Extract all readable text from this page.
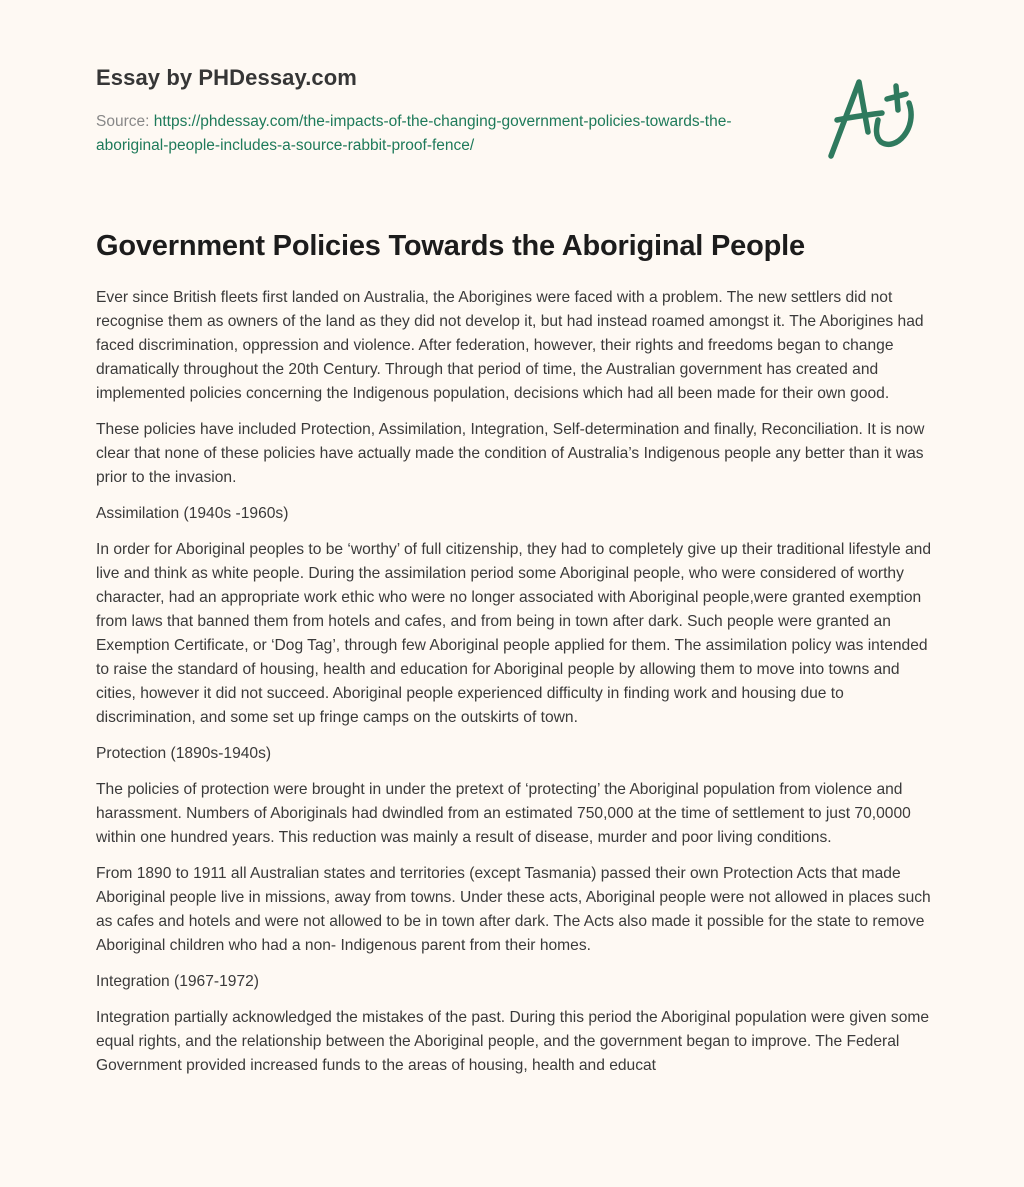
Essay by PHDessay.com
Source: https://phdessay.com/the-impacts-of-the-changing-government-policies-towards-the-aboriginal-people-includes-a-source-rabbit-proof-fence/
Government Policies Towards the Aboriginal People

Ever since British fleets first landed on Australia, the Aborigines were faced with a problem. The new settlers did not recognise them as owners of the land as they did not develop it, but had instead roamed amongst it. The Aborigines had faced discrimination, oppression and violence. After federation, however, their rights and freedoms began to change dramatically throughout the 20th Century. Through that period of time, the Australian government has created and implemented policies concerning the Indigenous population, decisions which had all been made for their own good.

These policies have included Protection, Assimilation, Integration, Self-determination and finally, Reconciliation. It is now clear that none of these policies have actually made the condition of Australia’s Indigenous people any better than it was prior to the invasion.

Assimilation (1940s -1960s)

In order for Aboriginal peoples to be ‘worthy’ of full citizenship, they had to completely give up their traditional lifestyle and live and think as white people. During the assimilation period some Aboriginal people, who were considered of worthy character, had an appropriate work ethic who were no longer associated with Aboriginal people,were granted exemption from laws that banned them from hotels and cafes, and from being in town after dark. Such people were granted an Exemption Certificate, or ‘Dog Tag’, through few Aboriginal people applied for them. The assimilation policy was intended to raise the standard of housing, health and education for Aboriginal people by allowing them to move into towns and cities, however it did not succeed. Aboriginal people experienced difficulty in finding work and housing due to discrimination, and some set up fringe camps on the outskirts of town.

Protection (1890s-1940s)

The policies of protection were brought in under the pretext of ‘protecting’ the Aboriginal population from violence and harassment. Numbers of Aboriginals had dwindled from an estimated 750,000 at the time of settlement to just 70,0000 within one hundred years. This reduction was mainly a result of disease, murder and poor living conditions.

From 1890 to 1911 all Australian states and territories (except Tasmania) passed their own Protection Acts that made Aboriginal people live in missions, away from towns. Under these acts, Aboriginal people were not allowed in places such as cafes and hotels and were not allowed to be in town after dark. The Acts also made it possible for the state to remove Aboriginal children who had a non- Indigenous parent from their homes.

Integration (1967-1972)

Integration partially acknowledged the mistakes of the past. During this period the Aboriginal population were given some equal rights, and the relationship between the Aboriginal people, and the government began to improve. The Federal Government provided increased funds to the areas of housing, health and educat
